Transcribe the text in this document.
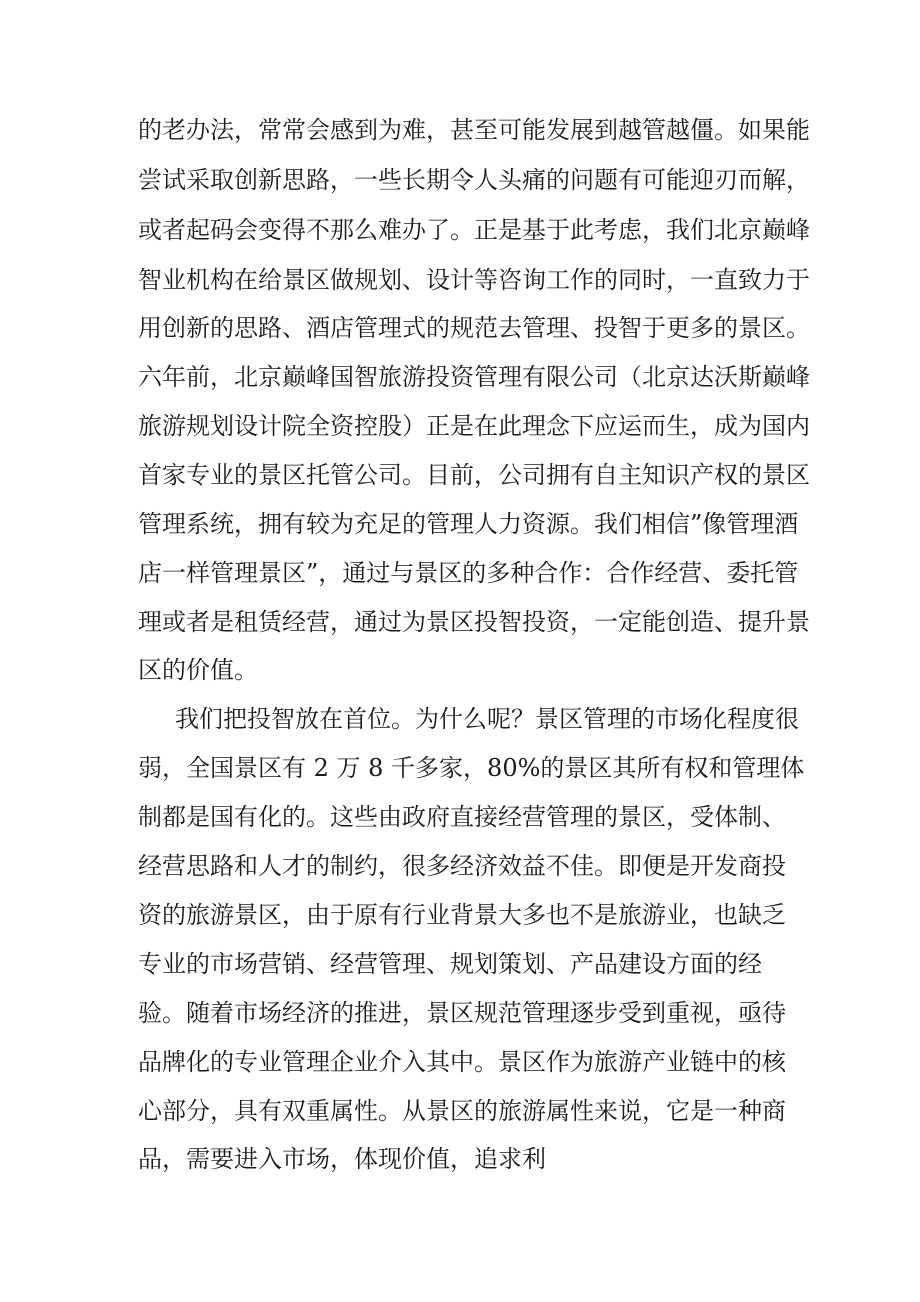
的老办法，常常会感到为难，甚至可能发展到越管越僵。如果能

尝试采取创新思路，一些长期令人头痛的问题有可能迎刃而解，

或者起码会变得不那么难办了。正是基于此考虑，我们北京巅峰

智业机构在给景区做规划、设计等咨询工作的同时，一直致力于

用创新的思路、酒店管理式的规范去管理、投智于更多的景区。

六年前，北京巅峰国智旅游投资管理有限公司（北京达沃斯巅峰

旅游规划设计院全资控股）正是在此理念下应运而生，成为国内

首家专业的景区托管公司。目前，公司拥有自主知识产权的景区

管理系统，拥有较为充足的管理人力资源。我们相信”像管理酒

店一样管理景区”，通过与景区的多种合作：合作经营、委托管

理或者是租赁经营，通过为景区投智投资，一定能创造、提升景

区的价值。

我们把投智放在首位。为什么呢？景区管理的市场化程度很

弱，全国景区有 2 万 8 千多家，80%的景区其所有权和管理体

制都是国有化的。这些由政府直接经营管理的景区，受体制、

经营思路和人才的制约，很多经济效益不佳。即便是开发商投

资的旅游景区，由于原有行业背景大多也不是旅游业，也缺乏

专业的市场营销、经营管理、规划策划、产品建设方面的经

验。随着市场经济的推进，景区规范管理逐步受到重视，亟待

品牌化的专业管理企业介入其中。景区作为旅游产业链中的核

心部分，具有双重属性。从景区的旅游属性来说，它是一种商

品，需要进入市场，体现价值，追求利
